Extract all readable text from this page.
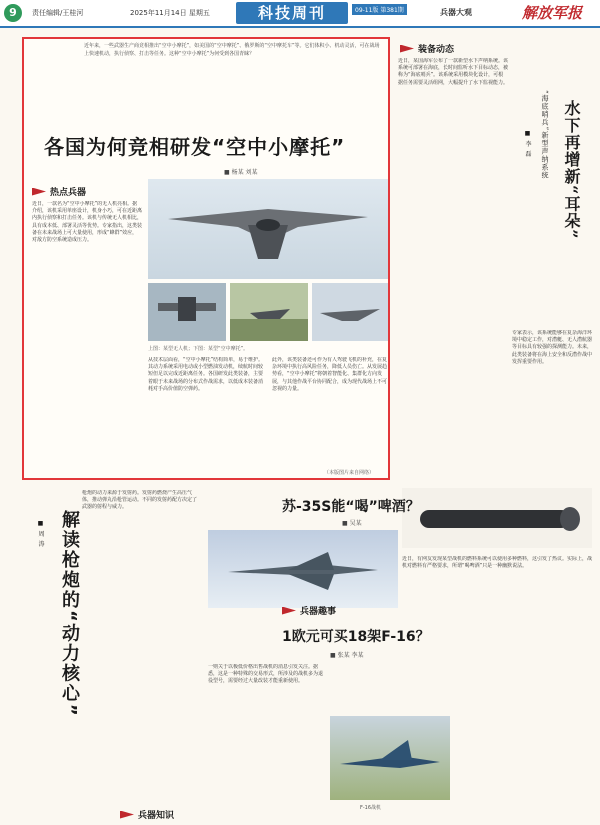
9	责任编辑/王桂河	2025年11月14日 星期五	科技周刊	09-11版 第381期	兵器大观	解放军报
近年来，一些武器生产商竞相推出“空中小摩托”，如美国的“空中摩托”、俄罗斯的“空中摩托车”等。它们体积小、机动灵活，可在战场上快速机动，执行侦察、打击等任务。这种“空中小摩托”为何受到各国青睐？
各国为何竞相研发“空中小摩托”
■ 杨某 刘某
热点兵器
近日，一款名为“空中小摩托”的无人机亮相。据介绍，该机采用单座设计，机身小巧，可在近距离内执行侦察和打击任务。该机与传统无人机相比，具有成本低、部署灵活等优势。专家指出，这类装备在未来战场上可大量使用，形成“蜂群”效应，对敌方防空系统造成压力。
上图：某型无人机；下图：某型“空中摩托”。
从技术层面看，“空中小摩托”结构简单，易于维护。其动力系统采用电动或小型燃油发动机，续航时间较短但足以完成近距离任务。各国研发此类装备，主要着眼于未来战场的分布式作战需求，以低成本装备消耗对手高价值防空弹药。
此外，该类装备还可作为有人驾驶飞机的补充，在复杂环境中执行高风险任务，降低人员伤亡。从发展趋势看，“空中小摩托”将朝着智能化、集群化方向发展，与其他作战平台协同配合，成为现代战场上不可忽视的力量。
（本版图片来自网络）
装备动态
近日，某国海军公布了一款新型水下声纳系统。该系统可部署在海底，长时间监听水下目标动态，被称为“海底哨兵”。该系统采用模块化设计，可根据任务需要灵活组网，大幅提升了水下监视能力。
水下再增新“耳朵”
“海底哨兵”新型声纳系统
■ 李 磊
专家表示，该系统能够在复杂海洋环境中稳定工作，对潜艇、无人潜航器等目标具有较强的探测能力。未来，此类装备将在海上安全和反潜作战中发挥重要作用。
解读枪炮的“动力核心”
■ 周 涛
枪炮的动力来源于发射药。发射药燃烧产生高压气体，推动弹丸沿枪管运动。不同的发射药配方决定了武器的射程与威力。
兵器知识
苏-35S能“喝”啤酒？
■ 吴某
近日，有网友发现某型战机的燃料系统可以使用多种燃料，这引发了热议。实际上，战机对燃料有严格要求，所谓“喝啤酒”只是一种幽默说法。
兵器趣事
1欧元可买18架F-16？
■ 张某 李某
一则关于以极低价格出售战机的消息引发关注。据悉，这是一种特殊的交易形式，所涉及的战机多为退役型号，需要经过大量改装才能重新使用。
F-16战机
